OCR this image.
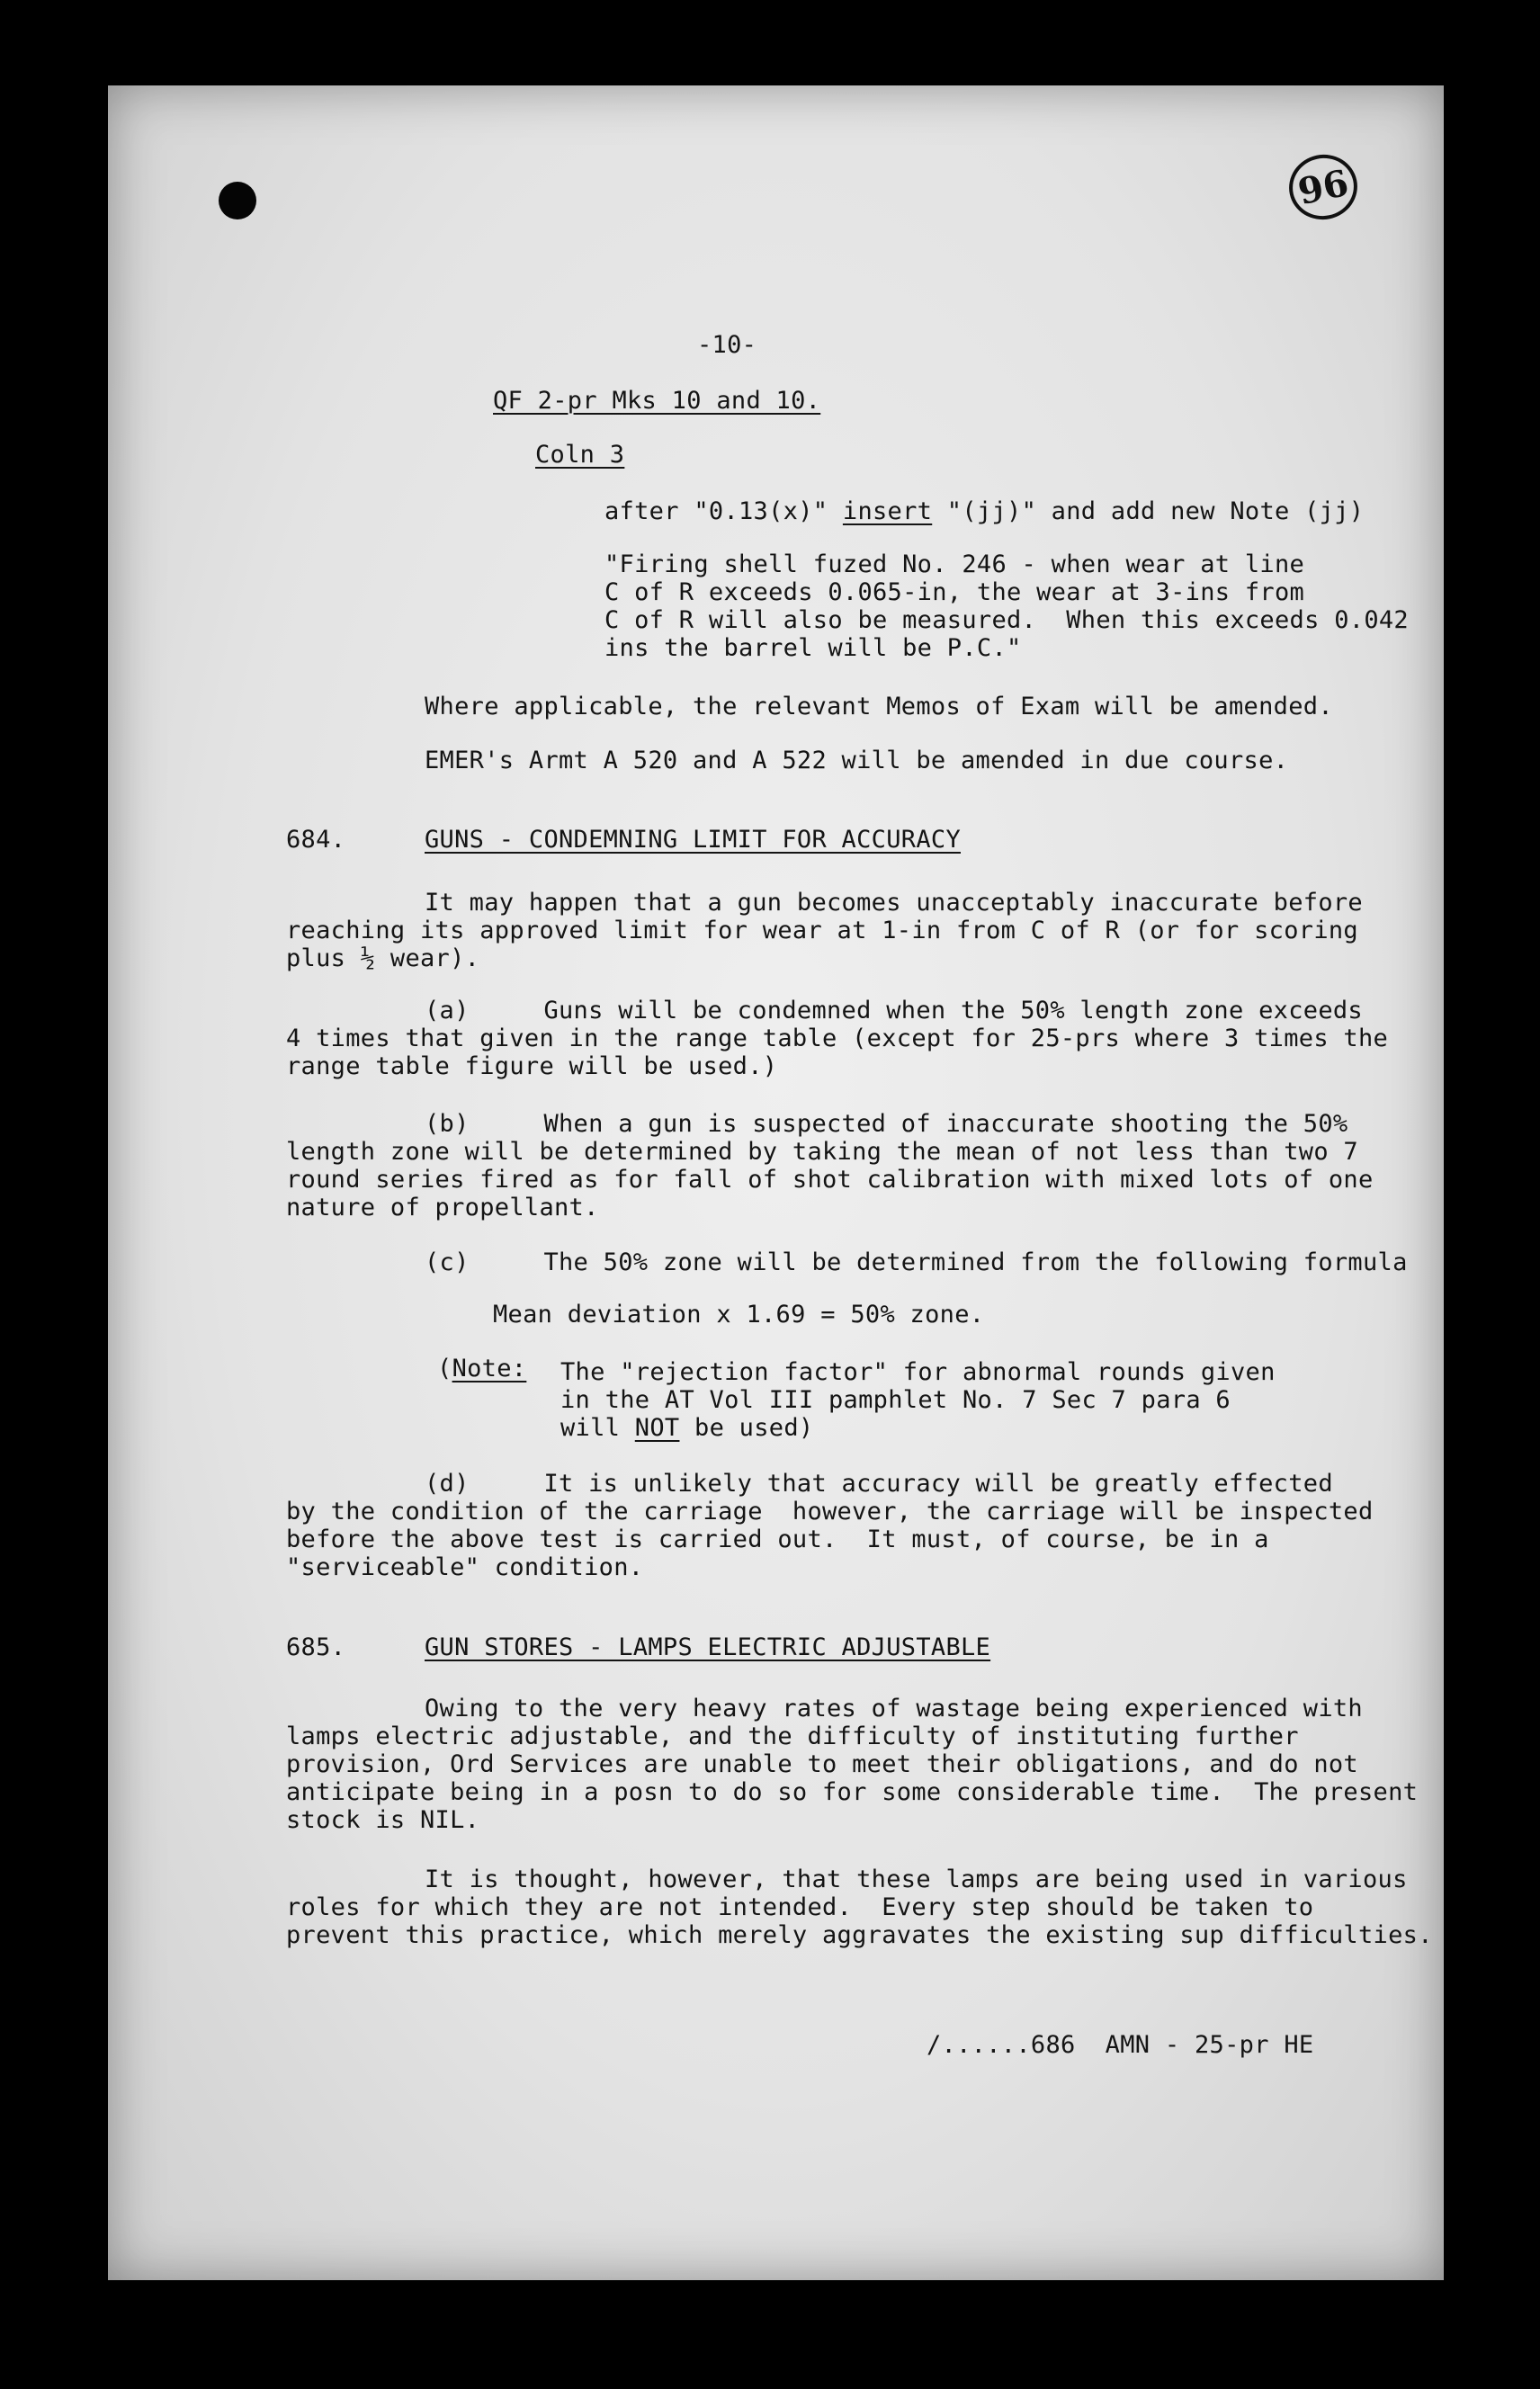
96
-10-
QF 2-pr Mks 10 and 10.
Coln 3
after "0.13(x)" insert "(jj)" and add new Note (jj)
"Firing shell fuzed No. 246 - when wear at line
C of R exceeds 0.065-in, the wear at 3-ins from
C of R will also be measured.  When this exceeds 0.042
ins the barrel will be P.C."
Where applicable, the relevant Memos of Exam will be amended.
EMER's Armt A 520 and A 522 will be amended in due course.
684.	GUNS - CONDEMNING LIMIT FOR ACCURACY
It may happen that a gun becomes unacceptably inaccurate before
reaching its approved limit for wear at 1-in from C of R (or for scoring
plus ½ wear).
(a)     Guns will be condemned when the 50% length zone exceeds
4 times that given in the range table (except for 25-prs where 3 times the
range table figure will be used.)
(b)     When a gun is suspected of inaccurate shooting the 50%
length zone will be determined by taking the mean of not less than two 7
round series fired as for fall of shot calibration with mixed lots of one
nature of propellant.
(c)     The 50% zone will be determined from the following formula
Mean deviation x 1.69 = 50% zone.
(Note: The "rejection factor" for abnormal rounds given
in the AT Vol III pamphlet No. 7 Sec 7 para 6
will NOT be used)
(d)     It is unlikely that accuracy will be greatly effected
by the condition of the carriage  however, the carriage will be inspected
before the above test is carried out.  It must, of course, be in a
"serviceable" condition.
685.	GUN STORES - LAMPS ELECTRIC ADJUSTABLE
Owing to the very heavy rates of wastage being experienced with
lamps electric adjustable, and the difficulty of instituting further
provision, Ord Services are unable to meet their obligations, and do not
anticipate being in a posn to do so for some considerable time.  The present
stock is NIL.
It is thought, however, that these lamps are being used in various
roles for which they are not intended.  Every step should be taken to
prevent this practice, which merely aggravates the existing sup difficulties.
/......686  AMN - 25-pr HE
